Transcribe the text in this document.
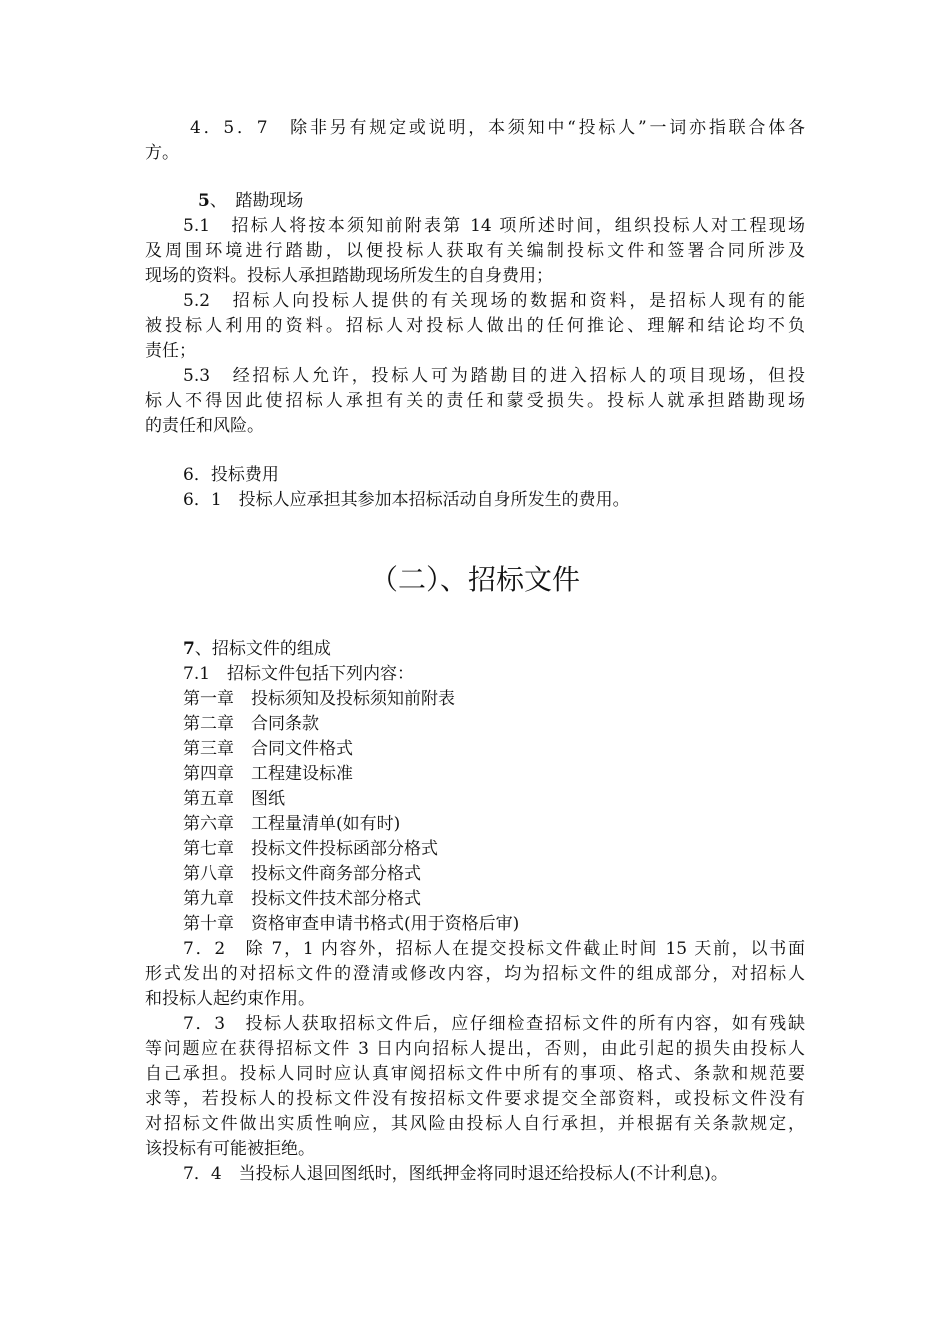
4．5．7　除非另有规定或说明，本须知中“投标人”一词亦指联合体各
方。
5、　踏勘现场
5.1　招标人将按本须知前附表第 14 项所述时间，组织投标人对工程现场
及周围环境进行踏勘，以便投标人获取有关编制投标文件和签署合同所涉及
现场的资料。投标人承担踏勘现场所发生的自身费用；
5.2　招标人向投标人提供的有关现场的数据和资料，是招标人现有的能
被投标人利用的资料。招标人对投标人做出的任何推论、理解和结论均不负
责任；
5.3　经招标人允许，投标人可为踏勘目的进入招标人的项目现场，但投
标人不得因此使招标人承担有关的责任和蒙受损失。投标人就承担踏勘现场
的责任和风险。
6．投标费用
6．1　投标人应承担其参加本招标活动自身所发生的费用。
（二）、招标文件
7、招标文件的组成
7.1　招标文件包括下列内容：
第一章　投标须知及投标须知前附表
第二章　合同条款
第三章　合同文件格式
第四章　工程建设标准
第五章　图纸
第六章　工程量清单(如有时)
第七章　投标文件投标函部分格式
第八章　投标文件商务部分格式
第九章　投标文件技术部分格式
第十章　资格审查申请书格式(用于资格后审)
7．2　除 7，1 内容外，招标人在提交投标文件截止时间 15 天前，以书面
形式发出的对招标文件的澄清或修改内容，均为招标文件的组成部分，对招标人
和投标人起约束作用。
7．3　投标人获取招标文件后，应仔细检查招标文件的所有内容，如有残缺
等问题应在获得招标文件 3 日内向招标人提出，否则，由此引起的损失由投标人
自己承担。投标人同时应认真审阅招标文件中所有的事项、格式、条款和规范要
求等，若投标人的投标文件没有按招标文件要求提交全部资料，或投标文件没有
对招标文件做出实质性响应，其风险由投标人自行承担，并根据有关条款规定，
该投标有可能被拒绝。
7．4　当投标人退回图纸时，图纸押金将同时退还给投标人(不计利息)。
